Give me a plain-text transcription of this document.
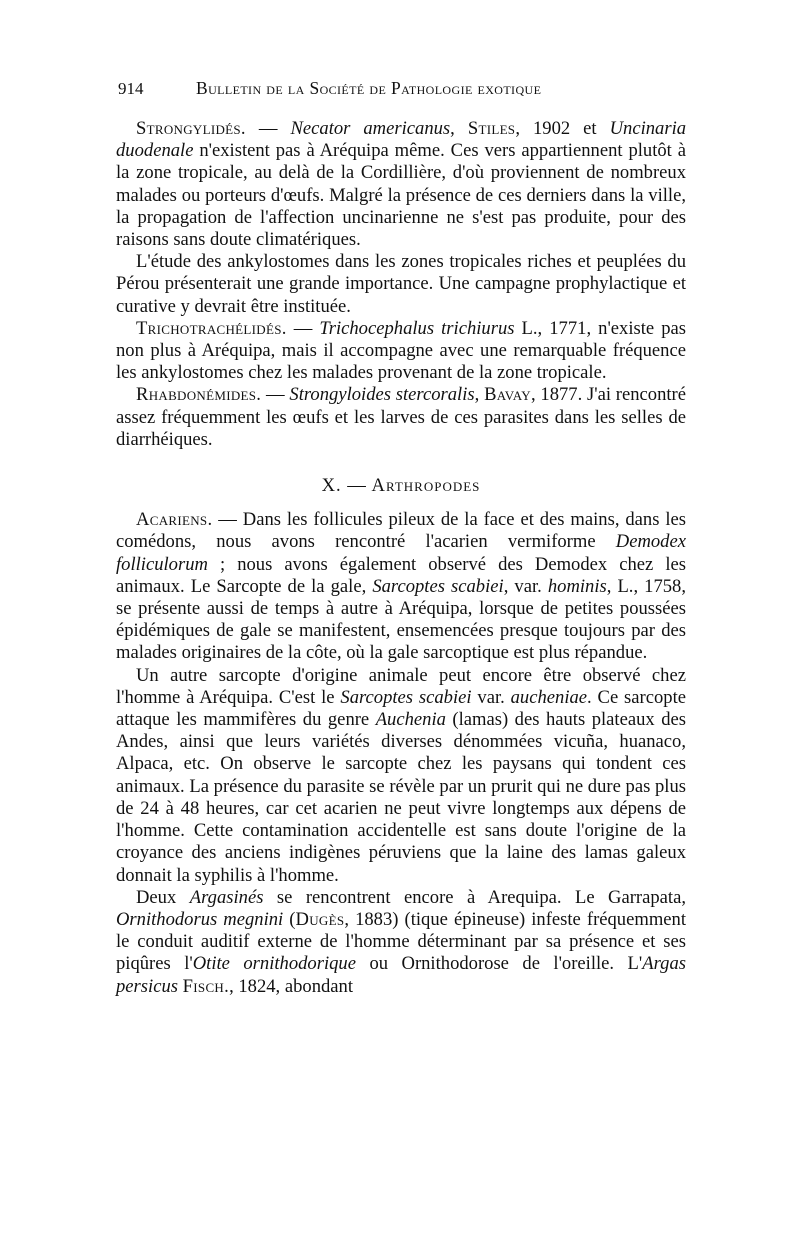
914	Bulletin de la Société de Pathologie exotique

Strongylidés. — Necator americanus, Stiles, 1902 et Uncinaria duodenale n'existent pas à Aréquipa même. Ces vers appartiennent plutôt à la zone tropicale, au delà de la Cordillière, d'où proviennent de nombreux malades ou porteurs d'œufs. Malgré la présence de ces derniers dans la ville, la propagation de l'affection uncinarienne ne s'est pas produite, pour des raisons sans doute climatériques.

L'étude des ankylostomes dans les zones tropicales riches et peuplées du Pérou présenterait une grande importance. Une campagne prophylactique et curative y devrait être instituée.

Trichotrachélidés. — Trichocephalus trichiurus L., 1771, n'existe pas non plus à Aréquipa, mais il accompagne avec une remarquable fréquence les ankylostomes chez les malades provenant de la zone tropicale.

Rhabdonémides. — Strongyloides stercoralis, Bavay, 1877. J'ai rencontré assez fréquemment les œufs et les larves de ces parasites dans les selles de diarrhéiques.

X. — Arthropodes

Acariens. — Dans les follicules pileux de la face et des mains, dans les comédons, nous avons rencontré l'acarien vermiforme Demodex folliculorum ; nous avons également observé des Demodex chez les animaux. Le Sarcopte de la gale, Sarcoptes scabiei, var. hominis, L., 1758, se présente aussi de temps à autre à Aréquipa, lorsque de petites poussées épidémiques de gale se manifestent, ensemencées presque toujours par des malades originaires de la côte, où la gale sarcoptique est plus répandue.

Un autre sarcopte d'origine animale peut encore être observé chez l'homme à Aréquipa. C'est le Sarcoptes scabiei var. aucheniae. Ce sarcopte attaque les mammifères du genre Auchenia (lamas) des hauts plateaux des Andes, ainsi que leurs variétés diverses dénommées vicuña, huanaco, Alpaca, etc. On observe le sarcopte chez les paysans qui tondent ces animaux. La présence du parasite se révèle par un prurit qui ne dure pas plus de 24 à 48 heures, car cet acarien ne peut vivre longtemps aux dépens de l'homme. Cette contamination accidentelle est sans doute l'origine de la croyance des anciens indigènes péruviens que la laine des lamas galeux donnait la syphilis à l'homme.

Deux Argasinés se rencontrent encore à Arequipa. Le Garrapata, Ornithodorus megnini (Dugès, 1883) (tique épineuse) infeste fréquemment le conduit auditif externe de l'homme déterminant par sa présence et ses piqûres l'Otite ornithodorique ou Ornithodorose de l'oreille. L'Argas persicus Fisch., 1824, abondant
